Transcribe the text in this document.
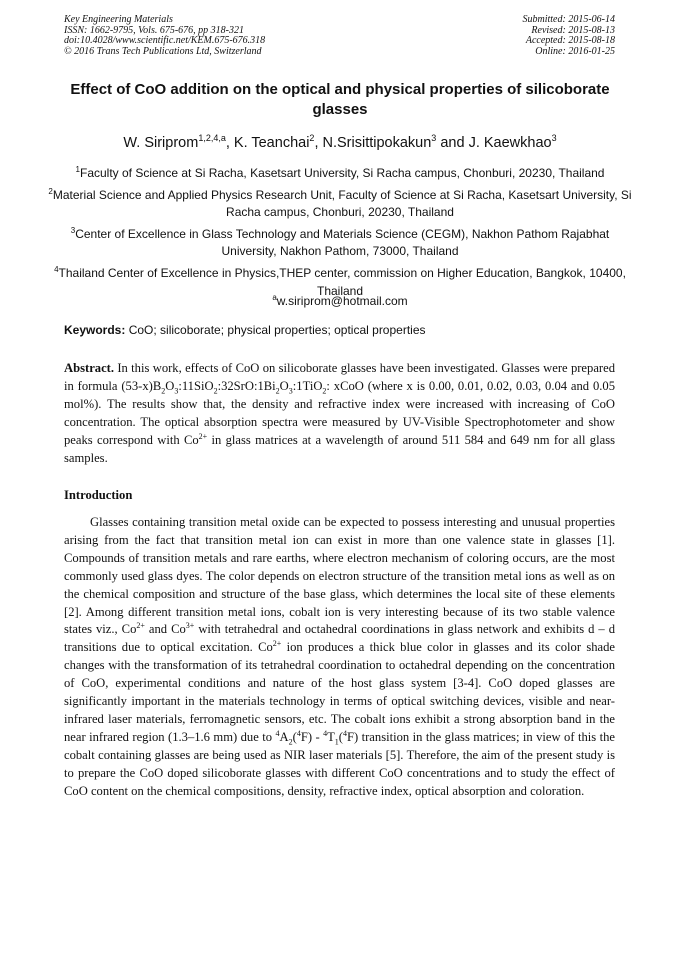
Key Engineering Materials
ISSN: 1662-9795, Vols. 675-676, pp 318-321
doi:10.4028/www.scientific.net/KEM.675-676.318
© 2016 Trans Tech Publications Ltd, Switzerland
Submitted: 2015-06-14
Revised: 2015-08-13
Accepted: 2015-08-18
Online: 2016-01-25
Effect of CoO addition on the optical and physical properties of silicoborate glasses
W. Siriprom$^{1,2,4,a}$, K. Teanchai$^2$, N.Srisittipokakun$^3$ and J. Kaewkhao$^3$
$^1$Faculty of Science at Si Racha, Kasetsart University, Si Racha campus, Chonburi, 20230, Thailand
$^2$Material Science and Applied Physics Research Unit, Faculty of Science at Si Racha, Kasetsart University, Si Racha campus, Chonburi, 20230, Thailand
$^3$Center of Excellence in Glass Technology and Materials Science (CEGM), Nakhon Pathom Rajabhat University, Nakhon Pathom, 73000, Thailand
$^4$Thailand Center of Excellence in Physics,THEP center, commission on Higher Education, Bangkok, 10400, Thailand
$^a$w.siriprom@hotmail.com
Keywords: CoO; silicoborate; physical properties; optical properties
Abstract. In this work, effects of CoO on silicoborate glasses have been investigated. Glasses were prepared in formula $(53-x)B_2O_3:11SiO_2:32SrO:1Bi_2O_3:1TiO_2$: xCoO (where x is 0.00, 0.01, 0.02, 0.03, 0.04 and 0.05 mol%). The results show that, the density and refractive index were increased with increasing of CoO concentration. The optical absorption spectra were measured by UV-Visible Spectrophotometer and show peaks correspond with $Co^{2+}$ in glass matrices at a wavelength of around 511 584 and 649 nm for all glass samples.
Introduction
Glasses containing transition metal oxide can be expected to possess interesting and unusual properties arising from the fact that transition metal ion can exist in more than one valence state in glasses [1]. Compounds of transition metals and rare earths, where electron mechanism of coloring occurs, are the most commonly used glass dyes. The color depends on electron structure of the transition metal ions as well as on the chemical composition and structure of the base glass, which determines the local site of these elements [2]. Among different transition metal ions, cobalt ion is very interesting because of its two stable valence states viz., $Co^{2+}$ and $Co^{3+}$ with tetrahedral and octahedral coordinations in glass network and exhibits d – d transitions due to optical excitation. $Co^{2+}$ ion produces a thick blue color in glasses and its color shade changes with the transformation of its tetrahedral coordination to octahedral depending on the concentration of CoO, experimental conditions and nature of the host glass system [3-4]. CoO doped glasses are significantly important in the materials technology in terms of optical switching devices, visible and near- infrared laser materials, ferromagnetic sensors, etc. The cobalt ions exhibit a strong absorption band in the near infrared region (1.3–1.6 mm) due to $^4A_2(^4F) - ^4T_1(^4F)$ transition in the glass matrices; in view of this the cobalt containing glasses are being used as NIR laser materials [5]. Therefore, the aim of the present study is to prepare the CoO doped silicoborate glasses with different CoO concentrations and to study the effect of CoO content on the chemical compositions, density, refractive index, optical absorption and coloration.
